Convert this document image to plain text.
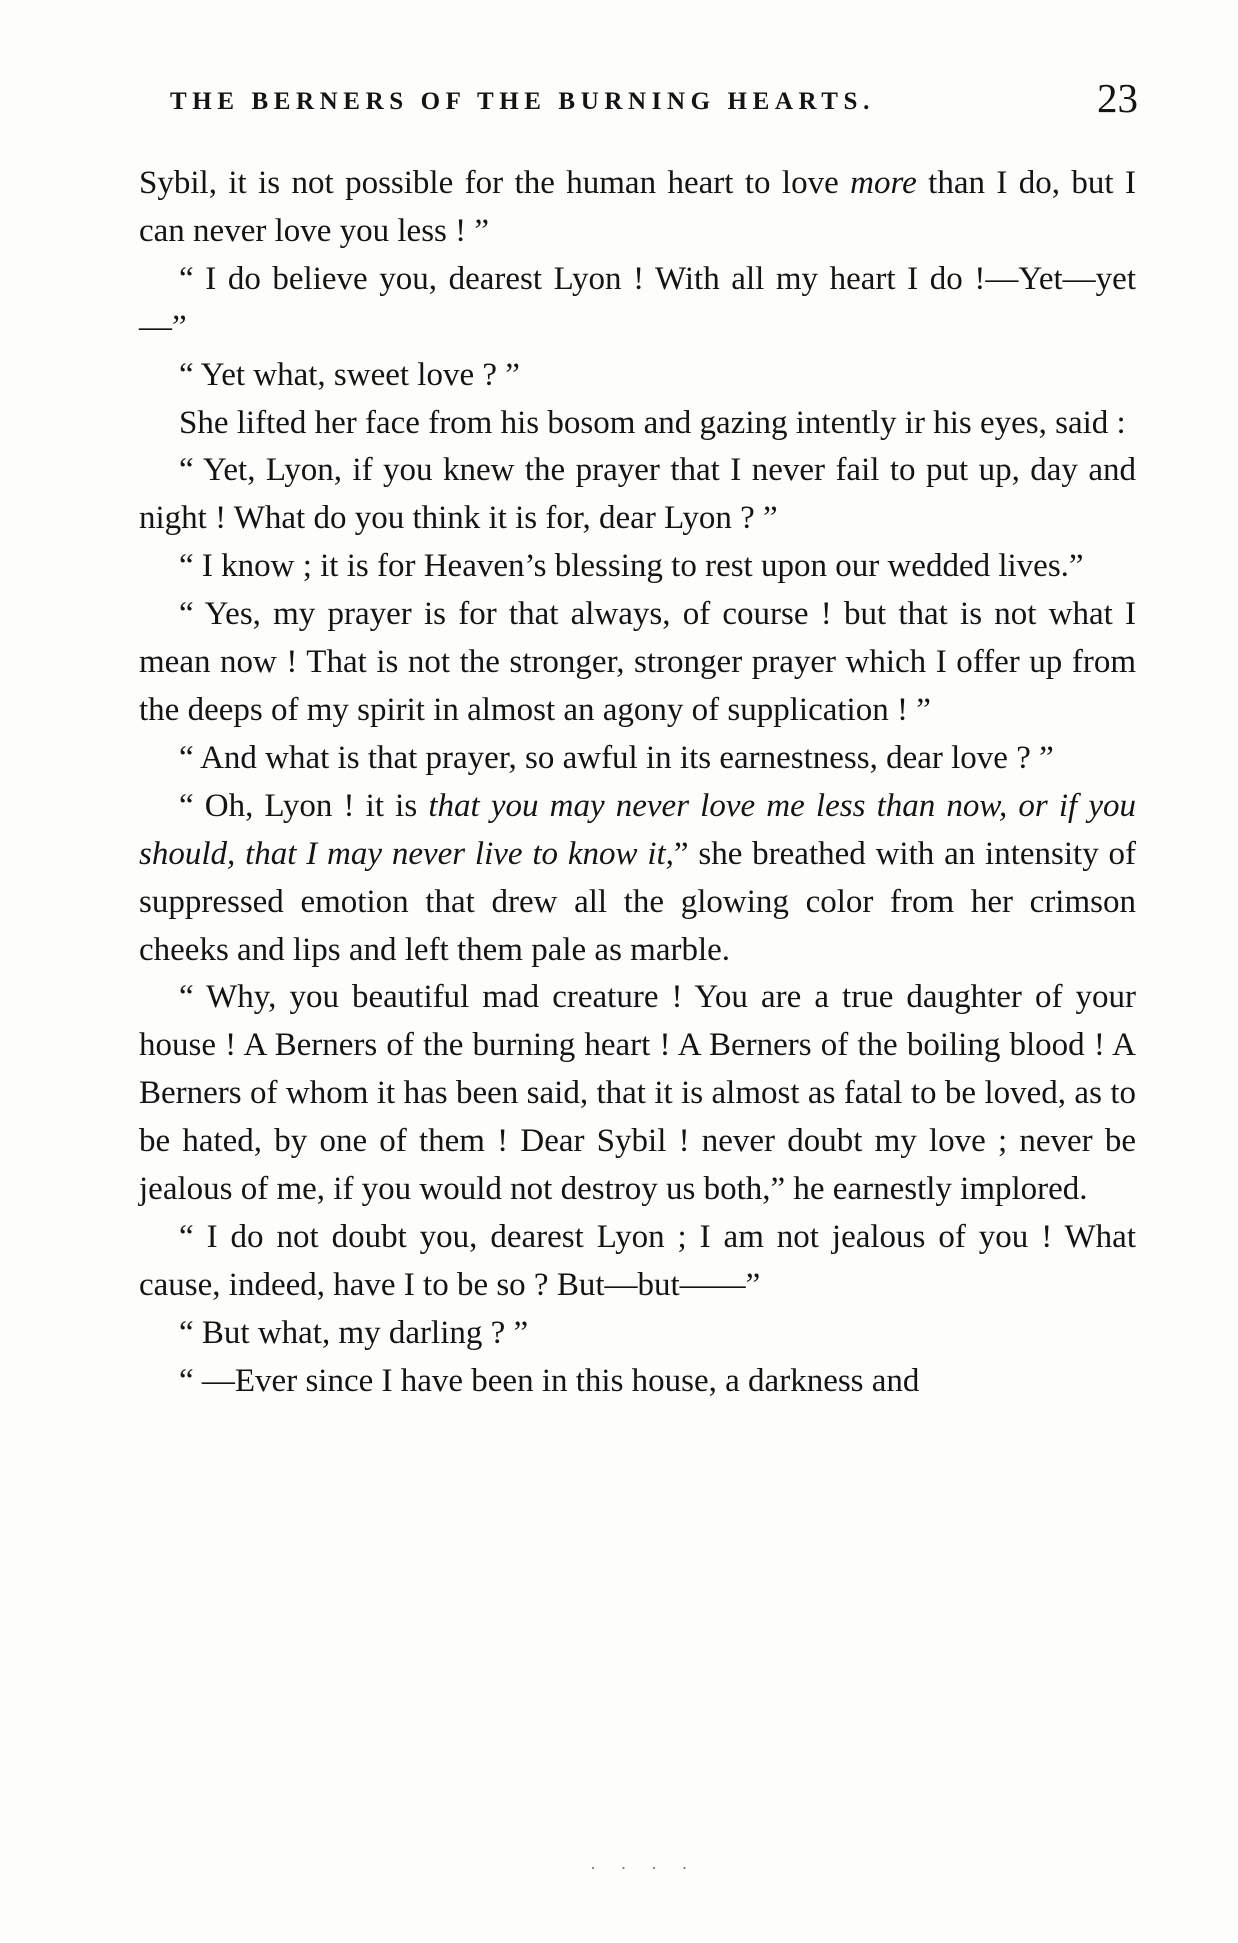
THE BERNERS OF THE BURNING HEARTS.	23

Sybil, it is not possible for the human heart to love more than I do, but I can never love you less ! ”

“ I do believe you, dearest Lyon ! With all my heart I do !—Yet—yet—”

“ Yet what, sweet love ? ”

She lifted her face from his bosom and gazing intently ir his eyes, said :

“ Yet, Lyon, if you knew the prayer that I never fail to put up, day and night ! What do you think it is for, dear Lyon ? ”

“ I know ; it is for Heaven’s blessing to rest upon our wedded lives.”

“ Yes, my prayer is for that always, of course ! but that is not what I mean now ! That is not the stronger, stronger prayer which I offer up from the deeps of my spirit in almost an agony of supplication ! ”

“ And what is that prayer, so awful in its earnestness, dear love ? ”

“ Oh, Lyon ! it is that you may never love me less than now, or if you should, that I may never live to know it,” she breathed with an intensity of suppressed emotion that drew all the glowing color from her crimson cheeks and lips and left them pale as marble.

“ Why, you beautiful mad creature ! You are a true daughter of your house ! A Berners of the burning heart ! A Berners of the boiling blood ! A Berners of whom it has been said, that it is almost as fatal to be loved, as to be hated, by one of them ! Dear Sybil ! never doubt my love ; never be jealous of me, if you would not destroy us both,” he earnestly implored.

“ I do not doubt you, dearest Lyon ; I am not jealous of you ! What cause, indeed, have I to be so ? But—but——”

“ But what, my darling ? ”

“ —Ever since I have been in this house, a darkness and

· · · ·
